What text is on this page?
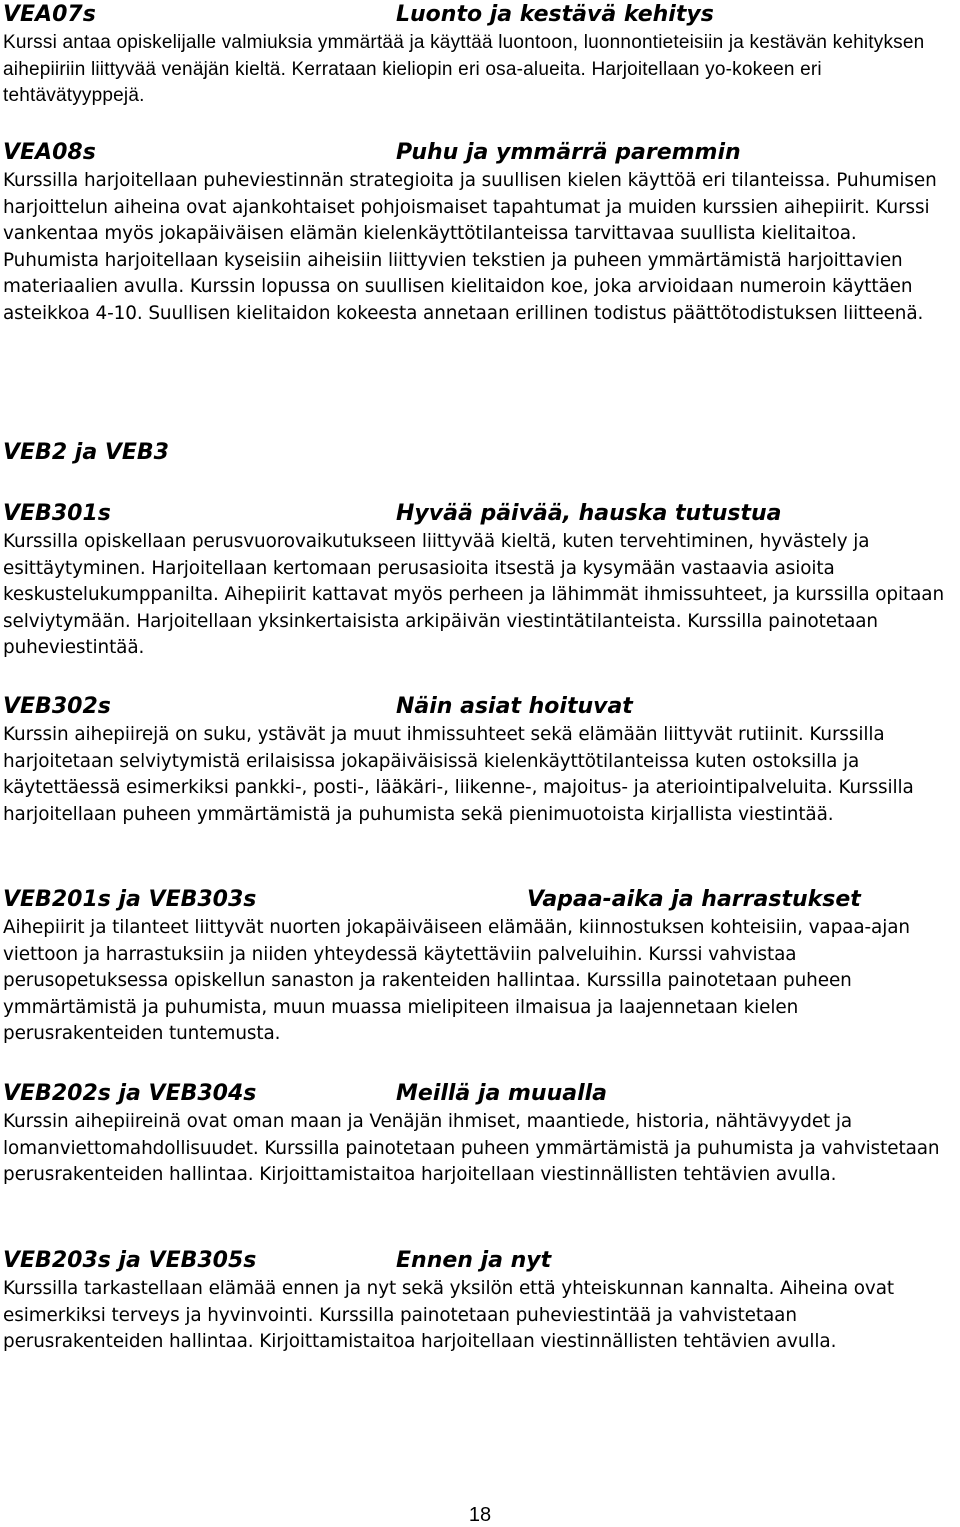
VEA07s	Luonto ja kestävä kehitys

Kurssi antaa opiskelijalle valmiuksia ymmärtää ja käyttää luontoon, luonnontieteisiin ja kestävän kehityksen aihepiiriin liittyvää venäjän kieltä. Kerrataan kieliopin eri osa-alueita. Harjoitellaan yo-kokeen eri tehtävätyyppejä.

VEA08s	Puhu ja ymmärrä paremmin

Kurssilla harjoitellaan puheviestinnän strategioita ja suullisen kielen käyttöä eri tilanteissa. Puhumisen harjoittelun aiheina ovat ajankohtaiset pohjoismaiset tapahtumat ja muiden kurssien aihepiirit. Kurssi vankentaa myös jokapäiväisen elämän kielenkäyttötilanteissa tarvittavaa suullista kielitaitoa. Puhumista harjoitellaan kyseisiin aiheisiin liittyvien tekstien ja puheen ymmärtämistä harjoittavien materiaalien avulla. Kurssin lopussa on suullisen kielitaidon koe, joka arvioidaan numeroin käyttäen asteikkoa 4-10. Suullisen kielitaidon kokeesta annetaan erillinen todistus päättötodistuksen liitteenä.

VEB2 ja VEB3
VEB301s	Hyvää päivää, hauska tutustua

Kurssilla opiskellaan perusvuorovaikutukseen liittyvää kieltä, kuten tervehtiminen, hyvästely ja esittäytyminen. Harjoitellaan kertomaan perusasioita itsestä ja kysymään vastaavia asioita keskustelukumppanilta. Aihepiirit kattavat myös perheen ja lähimmät ihmissuhteet, ja kurssilla opitaan selviytymään. Harjoitellaan yksinkertaisista arkipäivän viestintätilanteista. Kurssilla painotetaan puheviestintää.

VEB302s	Näin asiat hoituvat

Kurssin aihepiirejä on suku, ystävät ja muut ihmissuhteet sekä elämään liittyvät rutiinit. Kurssilla harjoitetaan selviytymistä erilaisissa jokapäiväisissä kielenkäyttötilanteissa kuten ostoksilla ja käytettäessä esimerkiksi pankki-, posti-, lääkäri-, liikenne-, majoitus- ja ateriointipalveluita. Kurssilla harjoitellaan puheen ymmärtämistä ja puhumista sekä pienimuotoista kirjallista viestintää.

VEB201s ja VEB303s	Vapaa-aika ja harrastukset

Aihepiirit ja tilanteet liittyvät nuorten jokapäiväiseen elämään, kiinnostuksen kohteisiin, vapaa-ajan viettoon ja harrastuksiin ja niiden yhteydessä käytettäviin palveluihin. Kurssi vahvistaa perusopetuksessa opiskellun sanaston ja rakenteiden hallintaa. Kurssilla painotetaan puheen ymmärtämistä ja puhumista, muun muassa mielipiteen ilmaisua ja laajennetaan kielen perusrakenteiden tuntemusta.

VEB202s ja VEB304s	Meillä ja muualla

Kurssin aihepiireinä ovat oman maan ja Venäjän ihmiset, maantiede, historia, nähtävyydet ja lomanviettomahdollisuudet. Kurssilla painotetaan puheen ymmärtämistä ja puhumista ja vahvistetaan perusrakenteiden hallintaa. Kirjoittamistaitoa harjoitellaan viestinnällisten tehtävien avulla.

VEB203s ja VEB305s	Ennen ja nyt

Kurssilla tarkastellaan elämää ennen ja nyt sekä yksilön että yhteiskunnan kannalta. Aiheina ovat esimerkiksi terveys ja hyvinvointi. Kurssilla painotetaan puheviestintää ja vahvistetaan perusrakenteiden hallintaa. Kirjoittamistaitoa harjoitellaan viestinnällisten tehtävien avulla.

18
